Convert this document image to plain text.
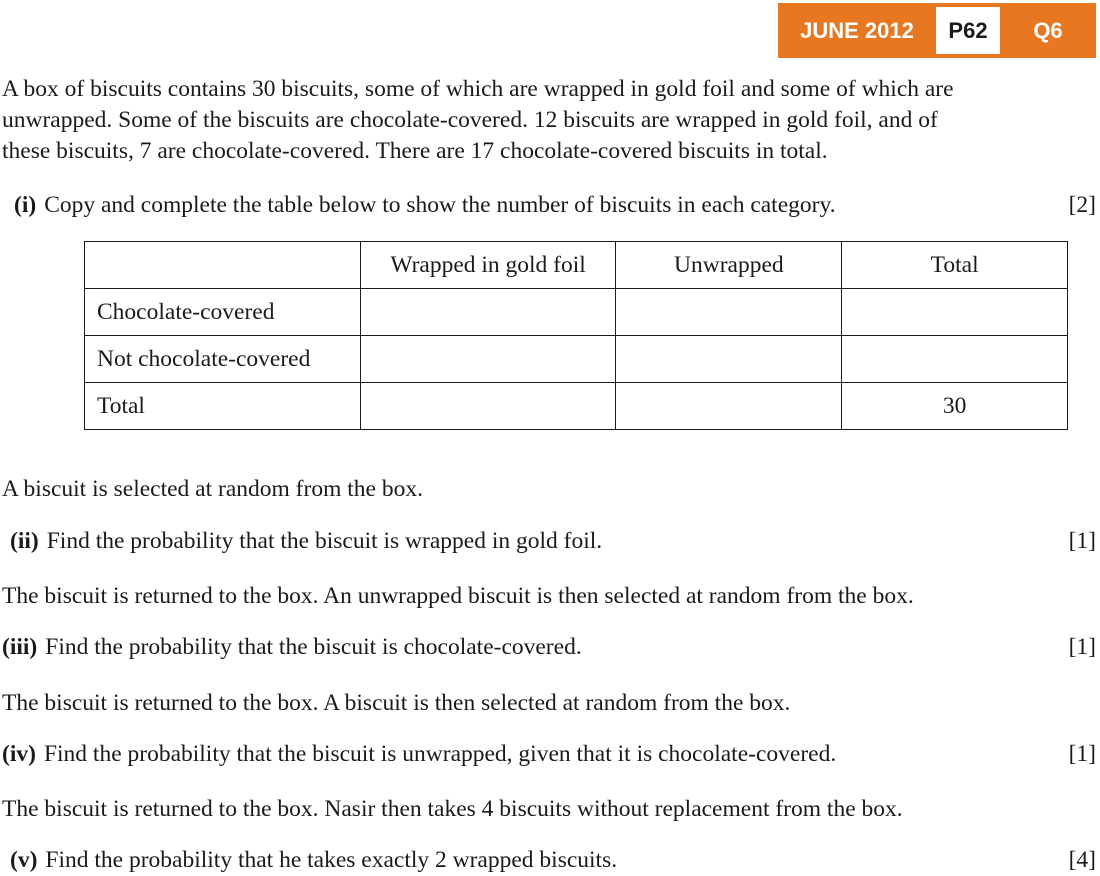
JUNE 2012	P62	Q6
A box of biscuits contains 30 biscuits, some of which are wrapped in gold foil and some of which are
unwrapped. Some of the biscuits are chocolate-covered. 12 biscuits are wrapped in gold foil, and of
these biscuits, 7 are chocolate-covered. There are 17 chocolate-covered biscuits in total.
(i) Copy and complete the table below to show the number of biscuits in each category.	[2]
	Wrapped in gold foil	Unwrapped	Total
Chocolate-covered			
Not chocolate-covered			
Total			30
A biscuit is selected at random from the box.
(ii) Find the probability that the biscuit is wrapped in gold foil.	[1]
The biscuit is returned to the box. An unwrapped biscuit is then selected at random from the box.
(iii) Find the probability that the biscuit is chocolate-covered.	[1]
The biscuit is returned to the box. A biscuit is then selected at random from the box.
(iv) Find the probability that the biscuit is unwrapped, given that it is chocolate-covered.	[1]
The biscuit is returned to the box. Nasir then takes 4 biscuits without replacement from the box.
(v) Find the probability that he takes exactly 2 wrapped biscuits.	[4]
